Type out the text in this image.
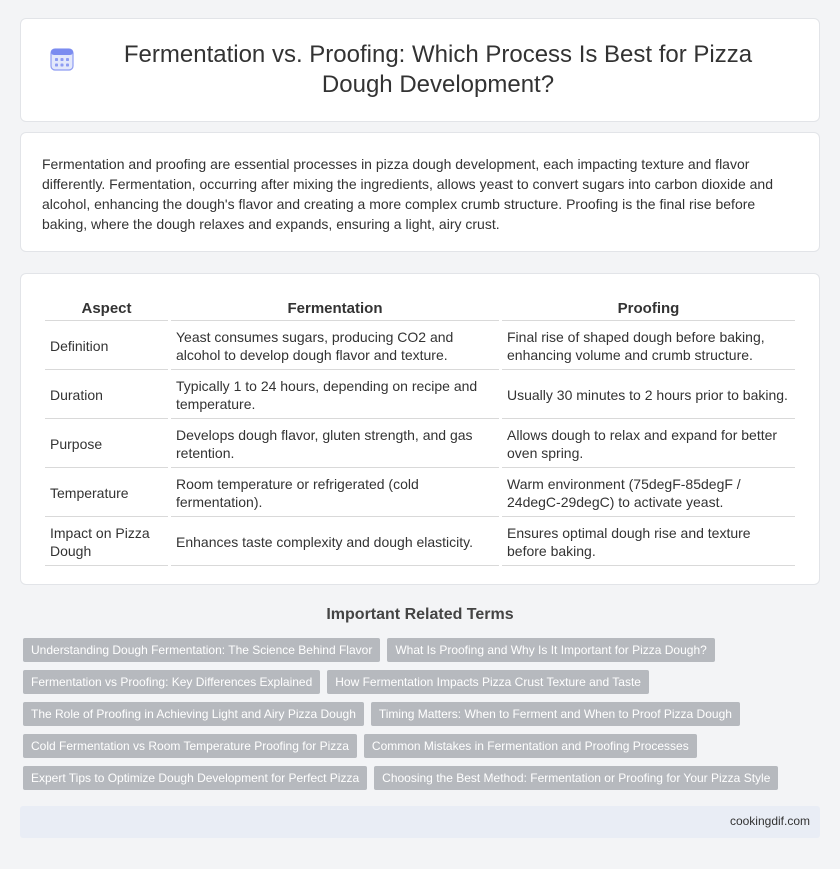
Fermentation vs. Proofing: Which Process Is Best for Pizza Dough Development?

Fermentation and proofing are essential processes in pizza dough development, each impacting texture and flavor differently. Fermentation, occurring after mixing the ingredients, allows yeast to convert sugars into carbon dioxide and alcohol, enhancing the dough's flavor and creating a more complex crumb structure. Proofing is the final rise before baking, where the dough relaxes and expands, ensuring a light, airy crust.

Aspect	Fermentation	Proofing
Definition	Yeast consumes sugars, producing CO2 and alcohol to develop dough flavor and texture.	Final rise of shaped dough before baking, enhancing volume and crumb structure.
Duration	Typically 1 to 24 hours, depending on recipe and temperature.	Usually 30 minutes to 2 hours prior to baking.
Purpose	Develops dough flavor, gluten strength, and gas retention.	Allows dough to relax and expand for better oven spring.
Temperature	Room temperature or refrigerated (cold fermentation).	Warm environment (75degF-85degF / 24degC-29degC) to activate yeast.
Impact on Pizza Dough	Enhances taste complexity and dough elasticity.	Ensures optimal dough rise and texture before baking.
Important Related Terms
Understanding Dough Fermentation: The Science Behind Flavor	What Is Proofing and Why Is It Important for Pizza Dough?
Fermentation vs Proofing: Key Differences Explained	How Fermentation Impacts Pizza Crust Texture and Taste
The Role of Proofing in Achieving Light and Airy Pizza Dough	Timing Matters: When to Ferment and When to Proof Pizza Dough
Cold Fermentation vs Room Temperature Proofing for Pizza	Common Mistakes in Fermentation and Proofing Processes
Expert Tips to Optimize Dough Development for Perfect Pizza	Choosing the Best Method: Fermentation or Proofing for Your Pizza Style
cookingdif.com
